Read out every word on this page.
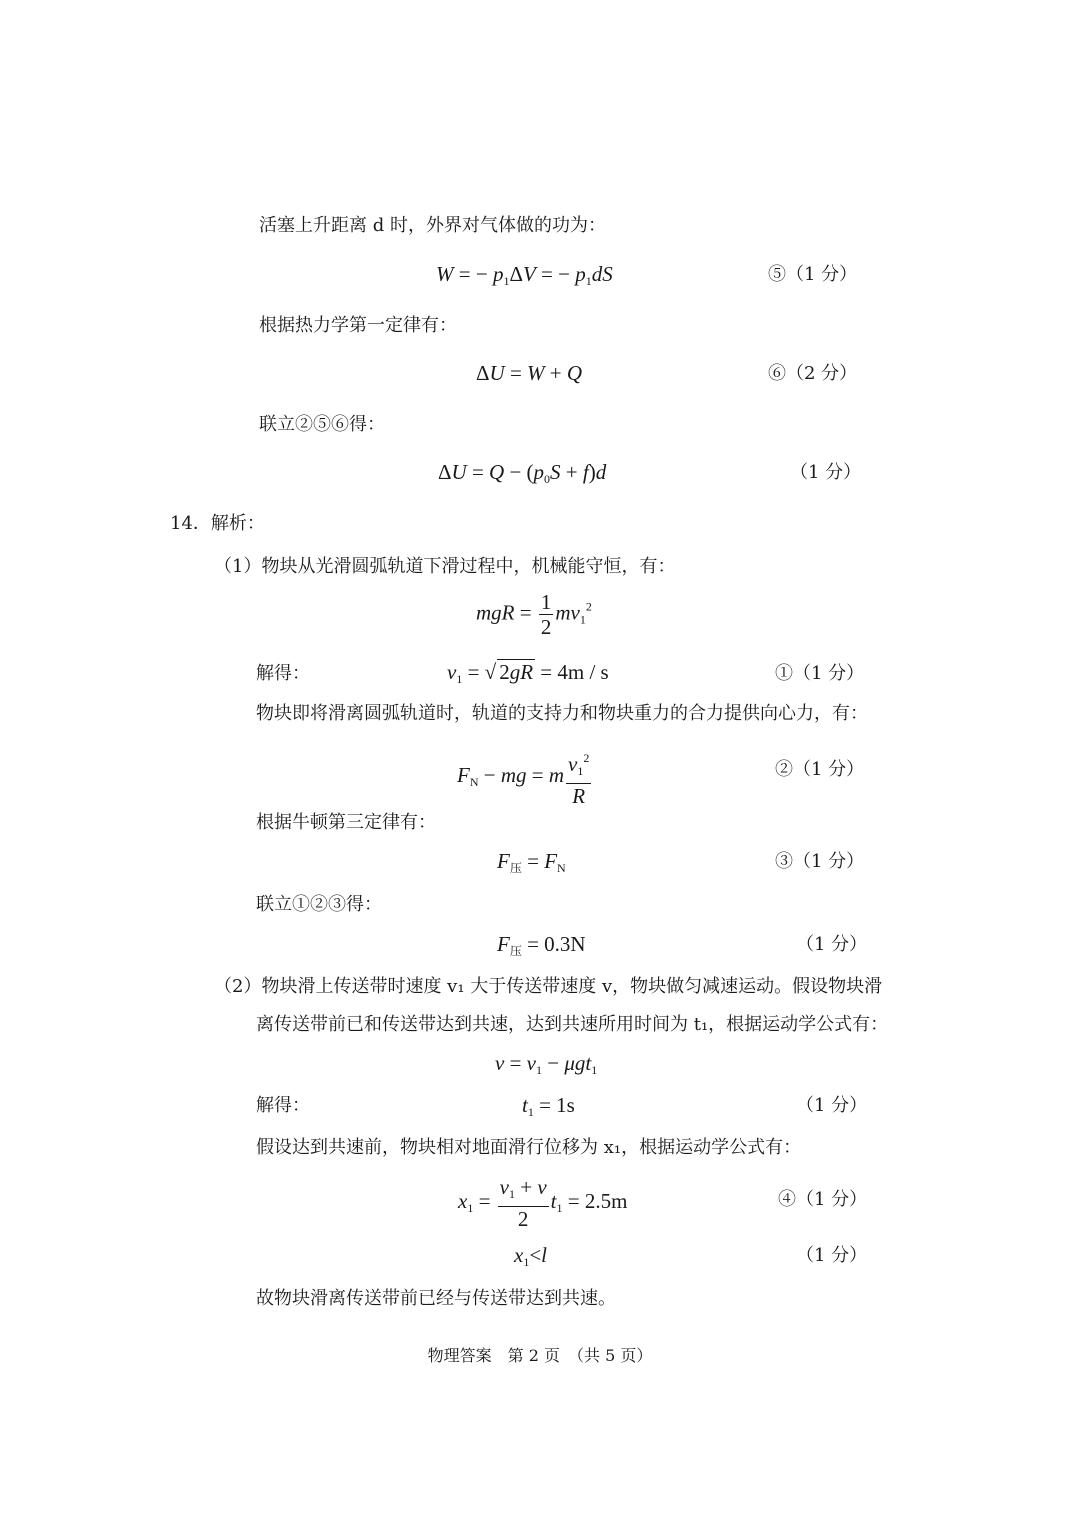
活塞上升距离 d 时，外界对气体做的功为：
W = − $p_1\Delta V$ = − $p_1dS$	⑤（1 分）
根据热力学第一定律有：
ΔU = W + Q	⑥（2 分）
联立②⑤⑥得：
$\Delta U = Q - (p_0S + f)d$	（1 分）
14．解析：
（1）物块从光滑圆弧轨道下滑过程中，机械能守恒，有：
mgR = $\frac{1}{2} mv_1^2$
解得：	$v_1$ = √ 2gR = 4m / s	①（1 分）
物块即将滑离圆弧轨道时，轨道的支持力和物块重力的合力提供向心力，有：
$F_N$ − mg = m $\frac{v_1^2}{R}$	②（1 分）
根据牛顿第三定律有：
$F_压 = F_N$	③（1 分）
联立①②③得：
$F_压 = 0.3N$	（1 分）
（2）物块滑上传送带时速度 v₁ 大于传送带速度 v，物块做匀减速运动。假设物块滑
离传送带前已和传送带达到共速，达到共速所用时间为 t₁，根据运动学公式有：
$v = v_1 - \mu gt_1$
解得：	$t_1 = 1s$	（1 分）
假设达到共速前，物块相对地面滑行位移为 x₁，根据运动学公式有：
$x_1 = \frac{v_1 + v}{2} t_1 = 2.5m$	④（1 分）
$x_1<l$	（1 分）
故物块滑离传送带前已经与传送带达到共速。
物理答案　第 2 页　（共 5 页）
